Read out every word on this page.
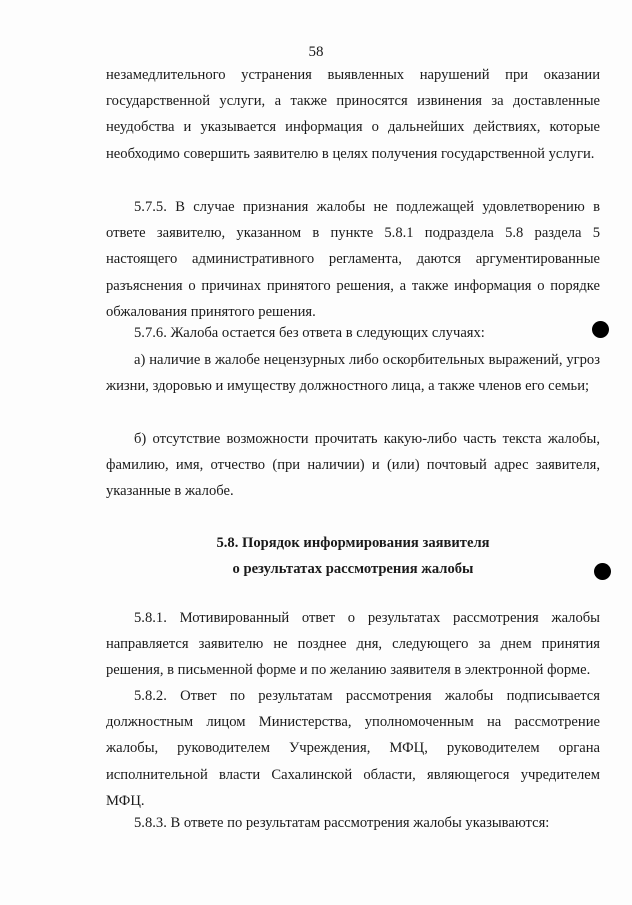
58

незамедлительного устранения выявленных нарушений при оказании государственной услуги, а также приносятся извинения за доставленные неудобства и указывается информация о дальнейших действиях, которые необходимо совершить заявителю в целях получения государственной услуги.

5.7.5. В случае признания жалобы не подлежащей удовлетворению в ответе заявителю, указанном в пункте 5.8.1 подраздела 5.8 раздела 5 настоящего административного регламента, даются аргументированные разъяснения о причинах принятого решения, а также информация о порядке обжалования принятого решения.

5.7.6. Жалоба остается без ответа в следующих случаях:

а) наличие в жалобе нецензурных либо оскорбительных выражений, угроз жизни, здоровью и имуществу должностного лица, а также членов его семьи;

б) отсутствие возможности прочитать какую-либо часть текста жалобы, фамилию, имя, отчество (при наличии) и (или) почтовый адрес заявителя, указанные в жалобе.

5.8. Порядок информирования заявителя
о результатах рассмотрения жалобы

5.8.1. Мотивированный ответ о результатах рассмотрения жалобы направляется заявителю не позднее дня, следующего за днем принятия решения, в письменной форме и по желанию заявителя в электронной форме.

5.8.2. Ответ по результатам рассмотрения жалобы подписывается должностным лицом Министерства, уполномоченным на рассмотрение жалобы, руководителем Учреждения, МФЦ, руководителем органа исполнительной власти Сахалинской области, являющегося учредителем МФЦ.

5.8.3. В ответе по результатам рассмотрения жалобы указываются:
